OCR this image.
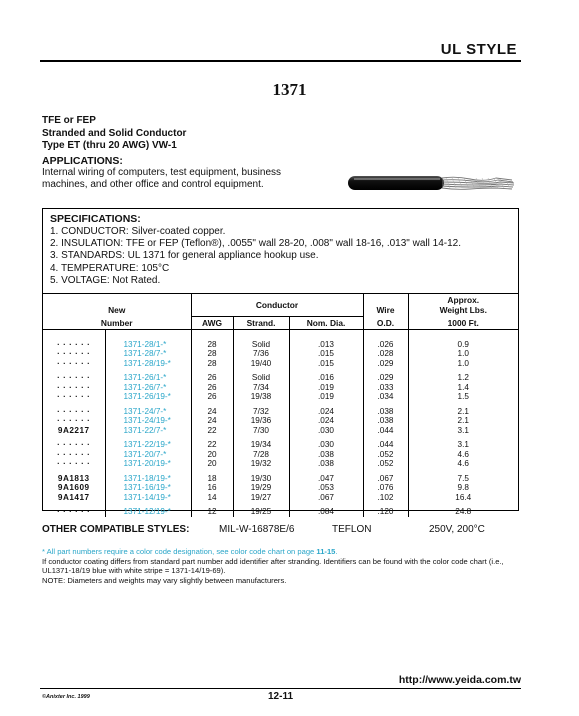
UL STYLE
1371
TFE or FEP
Stranded and Solid Conductor
Type ET (thru 20 AWG) VW-1
APPLICATIONS:
Internal wiring of computers, test equipment, business machines, and other office and control equipment.
SPECIFICATIONS:
1. CONDUCTOR: Silver-coated copper.
2. INSULATION: TFE or FEP (Teflon®), .0055" wall 28-20, .008" wall 18-16, .013" wall 14-12.
3. STANDARDS: UL 1371 for general appliance hookup use.
4. TEMPERATURE: 105°C
5. VOLTAGE: Not Rated.
New		Conductor			Wire	Approx.
Weight Lbs.

Number		AWG	Strand.	Nom. Dia.	O.D.	1000 Ft.
· · · · · ·	1371-28/1-*	28	Solid	.013	.026	0.9
· · · · · ·	1371-28/7-*	28	7/36	.015	.028	1.0
· · · · · ·	1371-28/19-*	28	19/40	.015	.029	1.0
· · · · · ·	1371-26/1-*	26	Solid	.016	.029	1.2
· · · · · ·	1371-26/7-*	26	7/34	.019	.033	1.4
· · · · · ·	1371-26/19-*	26	19/38	.019	.034	1.5
· · · · · ·	1371-24/7-*	24	7/32	.024	.038	2.1
· · · · · ·	1371-24/19-*	24	19/36	.024	.038	2.1
9A2217	1371-22/7-*	22	7/30	.030	.044	3.1
· · · · · ·	1371-22/19-*	22	19/34	.030	.044	3.1
· · · · · ·	1371-20/7-*	20	7/28	.038	.052	4.6
· · · · · ·	1371-20/19-*	20	19/32	.038	.052	4.6
9A1813	1371-18/19-*	18	19/30	.047	.067	7.5
9A1609	1371-16/19-*	16	19/29	.053	.076	9.8
9A1417	1371-14/19-*	14	19/27	.067	.102	16.4
· · · · · ·	1371-12/19-*	12	19/25	.084	.120	24.8
OTHER COMPATIBLE STYLES:	MIL-W-16878E/6	TEFLON	250V, 200°C
* All part numbers require a color code designation, see color code chart on page 11-15.
If conductor coating differs from standard part number add identifier after stranding. Identifiers can be found with the color code chart (i.e., UL1371-18/19 blue with white stripe = 1371-14/19-69).
NOTE: Diameters and weights may vary slightly between manufacturers.
http://www.yeida.com.tw
©Anixter Inc. 1999	12-11
